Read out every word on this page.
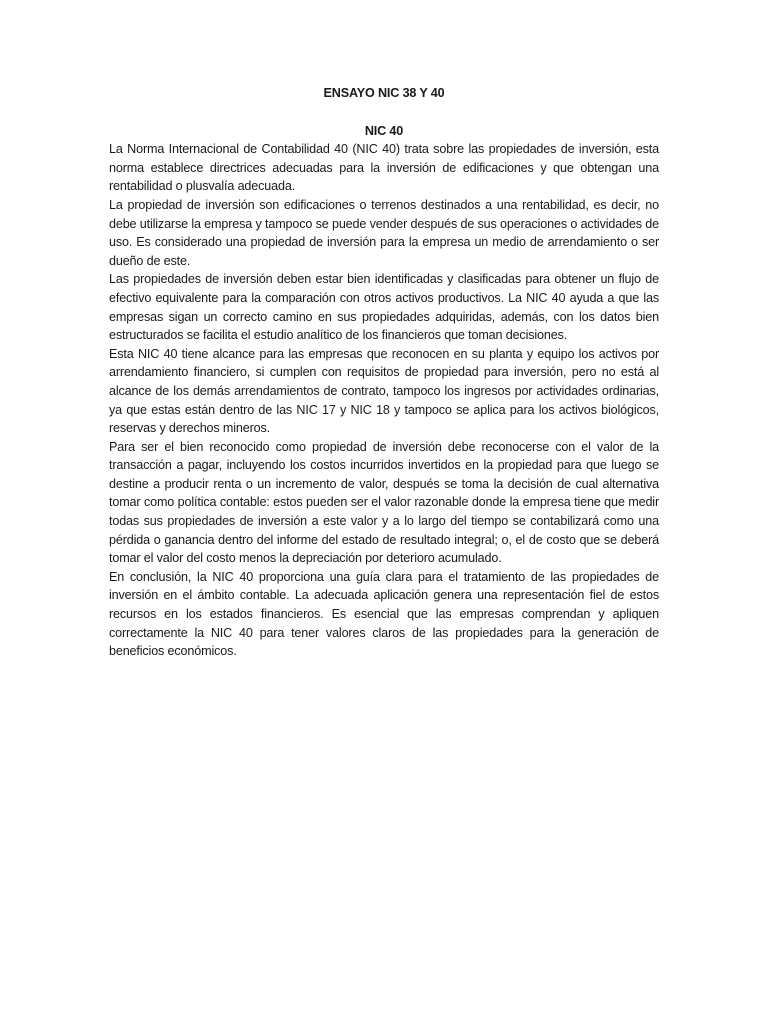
ENSAYO NIC 38 Y 40
NIC 40

La Norma Internacional de Contabilidad 40 (NIC 40) trata sobre las propiedades de inversión, esta norma establece directrices adecuadas para la inversión de edificaciones y que obtengan una rentabilidad o plusvalía adecuada.

La propiedad de inversión son edificaciones o terrenos destinados a una rentabilidad, es decir, no debe utilizarse la empresa y tampoco se puede vender después de sus operaciones o actividades de uso. Es considerado una propiedad de inversión para la empresa un medio de arrendamiento o ser dueño de este.

Las propiedades de inversión deben estar bien identificadas y clasificadas para obtener un flujo de efectivo equivalente para la comparación con otros activos productivos. La NIC 40 ayuda a que las empresas sigan un correcto camino en sus propiedades adquiridas, además, con los datos bien estructurados se facilita el estudio analítico de los financieros que toman decisiones.

Esta NIC 40 tiene alcance para las empresas que reconocen en su planta y equipo los activos por arrendamiento financiero, si cumplen con requisitos de propiedad para inversión, pero no está al alcance de los demás arrendamientos de contrato, tampoco los ingresos por actividades ordinarias, ya que estas están dentro de las NIC 17 y NIC 18 y tampoco se aplica para los activos biológicos, reservas y derechos mineros.

Para ser el bien reconocido como propiedad de inversión debe reconocerse con el valor de la transacción a pagar, incluyendo los costos incurridos invertidos en la propiedad para que luego se destine a producir renta o un incremento de valor, después se toma la decisión de cual alternativa tomar como política contable: estos pueden ser el valor razonable donde la empresa tiene que medir todas sus propiedades de inversión a este valor y a lo largo del tiempo se contabilizará como una pérdida o ganancia dentro del informe del estado de resultado integral; o, el de costo que se deberá tomar el valor del costo menos la depreciación por deterioro acumulado.

En conclusión, la NIC 40 proporciona una guía clara para el tratamiento de las propiedades de inversión en el ámbito contable. La adecuada aplicación genera una representación fiel de estos recursos en los estados financieros. Es esencial que las empresas comprendan y apliquen correctamente la NIC 40 para tener valores claros de las propiedades para la generación de beneficios económicos.
